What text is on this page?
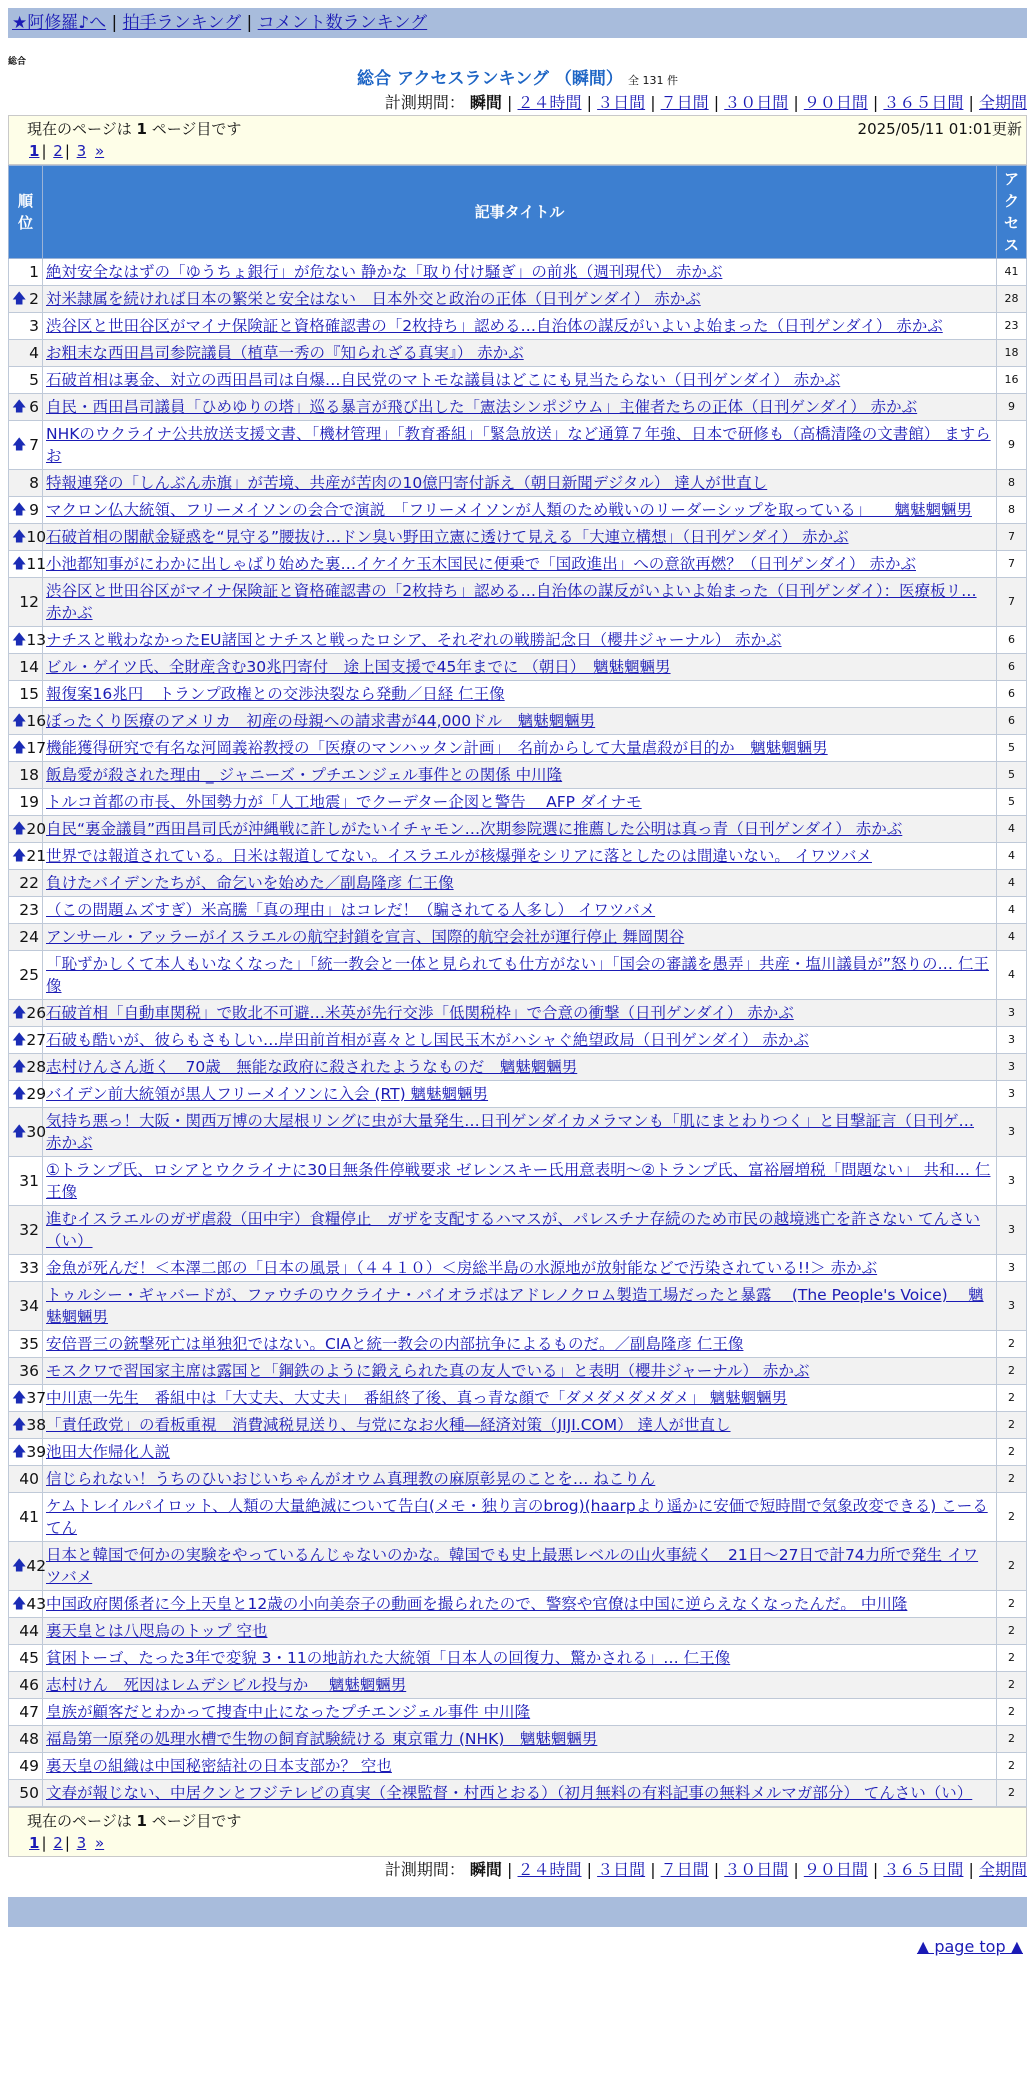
★阿修羅♪へ | 拍手ランキング | コメント数ランキング
総合
総合 アクセスランキング （瞬間） 全 131 件
計測期間： 瞬間 | ２４時間 | ３日間 | ７日間 | ３０日間 | ９０日間 | ３６５日間 | 全期間
現在のページは 1 ページ目です	2025/05/11 01:01更新
1 | 2 | 3 »
順位	記事タイトル	アクセス
1	絶対安全なはずの「ゆうちょ銀行」が危ない 静かな「取り付け騒ぎ」の前兆（週刊現代） 赤かぶ	41

🡅 2	対米隷属を続ければ日本の繁栄と安全はない　日本外交と政治の正体（日刊ゲンダイ） 赤かぶ	28
3	渋谷区と世田谷区がマイナ保険証と資格確認書の「2枚持ち」認める…自治体の謀反がいよいよ始まった（日刊ゲンダイ） 赤かぶ	23
4	お粗末な西田昌司参院議員（植草一秀の『知られざる真実』） 赤かぶ	18
5	石破首相は裏金、対立の西田昌司は自爆…自民党のマトモな議員はどこにも見当たらない（日刊ゲンダイ） 赤かぶ	16

🡅 6	自民・西田昌司議員「ひめゆりの塔」巡る暴言が飛び出した「憲法シンポジウム」主催者たちの正体（日刊ゲンダイ） 赤かぶ	9

🡅 7	NHKのウクライナ公共放送支援文書、「機材管理」「教育番組」「緊急放送」など通算７年強、日本で研修も（高橋清隆の文書館） ますらお	9
8	特報連発の「しんぶん赤旗」が苦境、共産が苦肉の10億円寄付訴え（朝日新聞デジタル） 達人が世直し	8

🡅 9	マクロン仏大統領、フリーメイソンの会合で演説　「フリーメイソンが人類のため戦いのリーダーシップを取っている」　　魑魅魍魎男	8

🡅 10	石破首相の閣献金疑惑を“見守る”腰抜け…ドン臭い野田立憲に透けて見える「大連立構想」（日刊ゲンダイ） 赤かぶ	7

🡅 11	小池都知事がにわかに出しゃばり始めた裏…イケイケ玉木国民に便乗で「国政進出」への意欲再燃？（日刊ゲンダイ） 赤かぶ	7
12	渋谷区と世田谷区がマイナ保険証と資格確認書の「2枚持ち」認める…自治体の謀反がいよいよ始まった（日刊ゲンダイ）：医療板リ… 赤かぶ	7

🡅 13	ナチスと戦わなかったEU諸国とナチスと戦ったロシア、それぞれの戦勝記念日（櫻井ジャーナル） 赤かぶ	6
14	ビル・ゲイツ氏、全財産含む30兆円寄付　途上国支援で45年までに （朝日）　魑魅魍魎男	6
15	報復案16兆円　トランプ政権との交渉決裂なら発動／日経 仁王像	6

🡅 16	ぼったくり医療のアメリカ　初産の母親への請求書が44,000ドル　魑魅魍魎男	6

🡅 17	機能獲得研究で有名な河岡義裕教授の「医療のマンハッタン計画」　名前からして大量虐殺が目的か　魑魅魍魎男	5
18	飯島愛が殺された理由 _ ジャニーズ・プチエンジェル事件との関係 中川隆	5
19	トルコ首都の市長、外国勢力が「人工地震」でクーデター企図と警告　 AFP ダイナモ	5

🡅 20	自民“裏金議員”西田昌司氏が沖縄戦に許しがたいイチャモン…次期参院選に推薦した公明は真っ青（日刊ゲンダイ） 赤かぶ	4

🡅 21	世界では報道されている。日米は報道してない。イスラエルが核爆弾をシリアに落としたのは間違いない。 イワツバメ	4
22	負けたバイデンたちが、命乞いを始めた／副島隆彦 仁王像	4
23	（この問題ムズすぎ）米高騰「真の理由」はコレだ！（騙されてる人多し） イワツバメ	4
24	アンサール・アッラーがイスラエルの航空封鎖を宣言、国際的航空会社が運行停止 舞岡関谷	4
25	「恥ずかしくて本人もいなくなった」「統一教会と一体と見られても仕方がない」「国会の審議を愚弄」共産・塩川議員が”怒りの… 仁王像	4

🡅 26	石破首相「自動車関税」で敗北不可避…米英が先行交渉「低関税枠」で合意の衝撃（日刊ゲンダイ） 赤かぶ	3

🡅 27	石破も酷いが、彼らもさもしい…岸田前首相が喜々とし国民玉木がハシャぐ絶望政局（日刊ゲンダイ） 赤かぶ	3

🡅 28	志村けんさん逝く　70歳　無能な政府に殺されたようなものだ　魑魅魍魎男	3

🡅 29	バイデン前大統領が黒人フリーメイソンに入会 (RT) 魑魅魍魎男	3

🡅 30	気持ち悪っ！大阪・関西万博の大屋根リングに虫が大量発生…日刊ゲンダイカメラマンも「肌にまとわりつく」と目撃証言（日刊ゲ… 赤かぶ	3
31	①トランプ氏、ロシアとウクライナに30日無条件停戦要求 ゼレンスキー氏用意表明〜②トランプ氏、富裕層増税「問題ない」 共和… 仁王像	3
32	進むイスラエルのガザ虐殺（田中宇）食糧停止　ガザを支配するハマスが、パレスチナ存続のため市民の越境逃亡を許さない てんさい（い）	3
33	金魚が死んだ！＜本澤二郎の「日本の風景」（４４１０）＜房総半島の水源地が放射能などで汚染されている!!＞ 赤かぶ	3
34	トゥルシー・ギャバードが、ファウチのウクライナ・バイオラボはアドレノクロム製造工場だったと暴露　 (The People's Voice)　 魑魅魍魎男	3
35	安倍晋三の銃撃死亡は単独犯ではない。CIAと統一教会の内部抗争によるものだ。／副島隆彦 仁王像	2
36	モスクワで習国家主席は露国と「鋼鉄のように鍛えられた真の友人でいる」と表明（櫻井ジャーナル） 赤かぶ	2

🡅 37	中川恵一先生　番組中は「大丈夫、大丈夫」　番組終了後、真っ青な顔で「ダメダメダメダメ」 魑魅魍魎男	2

🡅 38	「責任政党」の看板重視　消費減税見送り、与党になお火種―経済対策（JIJI.COM） 達人が世直し	2

🡅 39	池田大作帰化人説	2
40	信じられない！うちのひいおじいちゃんがオウム真理教の麻原彰晃のことを… ねこりん	2
41	ケムトレイルパイロット、人類の大量絶滅について告白(メモ・独り言のbrog)(haarpより遥かに安価で短時間で気象改変できる) こーるてん	2

🡅 42	日本と韓国で何かの実験をやっているんじゃないのかな。韓国でも史上最悪レベルの山火事続く　21日～27日で計74力所で発生 イワツバメ	2

🡅 43	中国政府関係者に今上天皇と12歳の小向美奈子の動画を撮られたので、警察や官僚は中国に逆らえなくなったんだ。 中川隆	2
44	裏天皇とは八咫烏のトップ 空也	2
45	貧困トーゴ、たった3年で変貌 3・11の地訪れた大統領「日本人の回復力、驚かされる」… 仁王像	2
46	志村けん　死因はレムデシビル投与か　 魑魅魍魎男	2
47	皇族が顧客だとわかって捜査中止になったプチエンジェル事件 中川隆	2
48	福島第一原発の処理水槽で生物の飼育試験続ける 東京電力 (NHK)　魑魅魍魎男	2
49	裏天皇の組織は中国秘密結社の日本支部か？ 空也	2
50	文春が報じない、中居クンとフジテレビの真実（全裸監督・村西とおる）（初月無料の有料記事の無料メルマガ部分） てんさい（い）	2
現在のページは 1 ページ目です
1 | 2 | 3 »
計測期間： 瞬間 | ２４時間 | ３日間 | ７日間 | ３０日間 | ９０日間 | ３６５日間 | 全期間
▲ page top ▲
